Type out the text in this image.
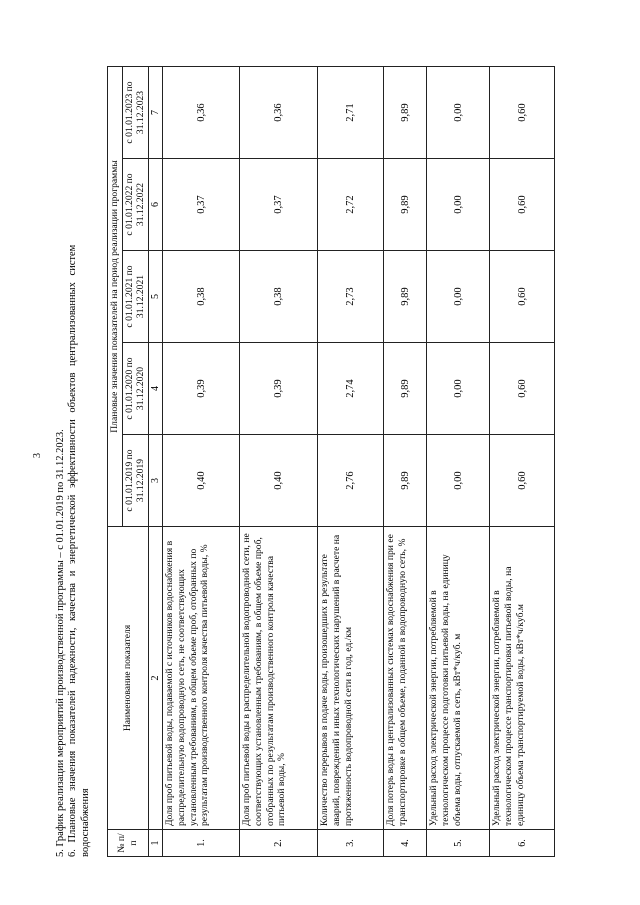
3 5. График реализации мероприятий производственной программы – с 01.01.2019 по 31.12.2023. 6. Плановые значения показателей надежности, качества и энергетической эффективности объектов централизованных систем водоснабжения	№ п/п	Наименование показателя	Плановые значения показателей на период реализации программы				
		с 01.01.2019 по 31.12.2019	с 01.01.2020 по 31.12.2020	с 01.01.2021 по 31.12.2021	с 01.01.2022 по 31.12.2022	с 01.01.2023 по 31.12.2023
1	2	3	4	5	6	7
1.	Доля проб питьевой воды, подаваемой с источников водоснабжения в распределительную водопроводную сеть, не соответствующих установленным требованиям, в общем объеме проб, отобранных по результатам производственного контроля качества питьевой воды, %	0,40	0,39	0,38	0,37	0,36
2.	Доля проб питьевой воды в распределительной водопроводной сети, не соответствующих установленным требованиям, в общем объеме проб, отобранных по результатам производственного контроля качества питьевой воды, %	0,40	0,39	0,38	0,37	0,36
3.	Количество перерывов в подаче воды, произошедших в результате аварий, повреждений и иных технологических нарушений в расчете на протяженность водопроводной сети в год, ед./км	2,76	2,74	2,73	2,72	2,71
4.	Доля потерь воды в централизованных системах водоснабжения при ее транспортировке в общем объеме, поданной в водопроводную сеть, %	9,89	9,89	9,89	9,89	9,89
5.	Удельный расход электрической энергии, потребляемой в технологическом процессе подготовки питьевой воды, на единицу объема воды, отпускаемой в сеть, кВт*ч/куб. м	0,00	0,00	0,00	0,00	0,00
6.	Удельный расход электрической энергии, потребляемой в технологическом процессе транспортировки питьевой воды, на единицу объема транспортируемой воды, кВт*ч/куб.м	0,60	0,60	0,60	0,60	0,60
